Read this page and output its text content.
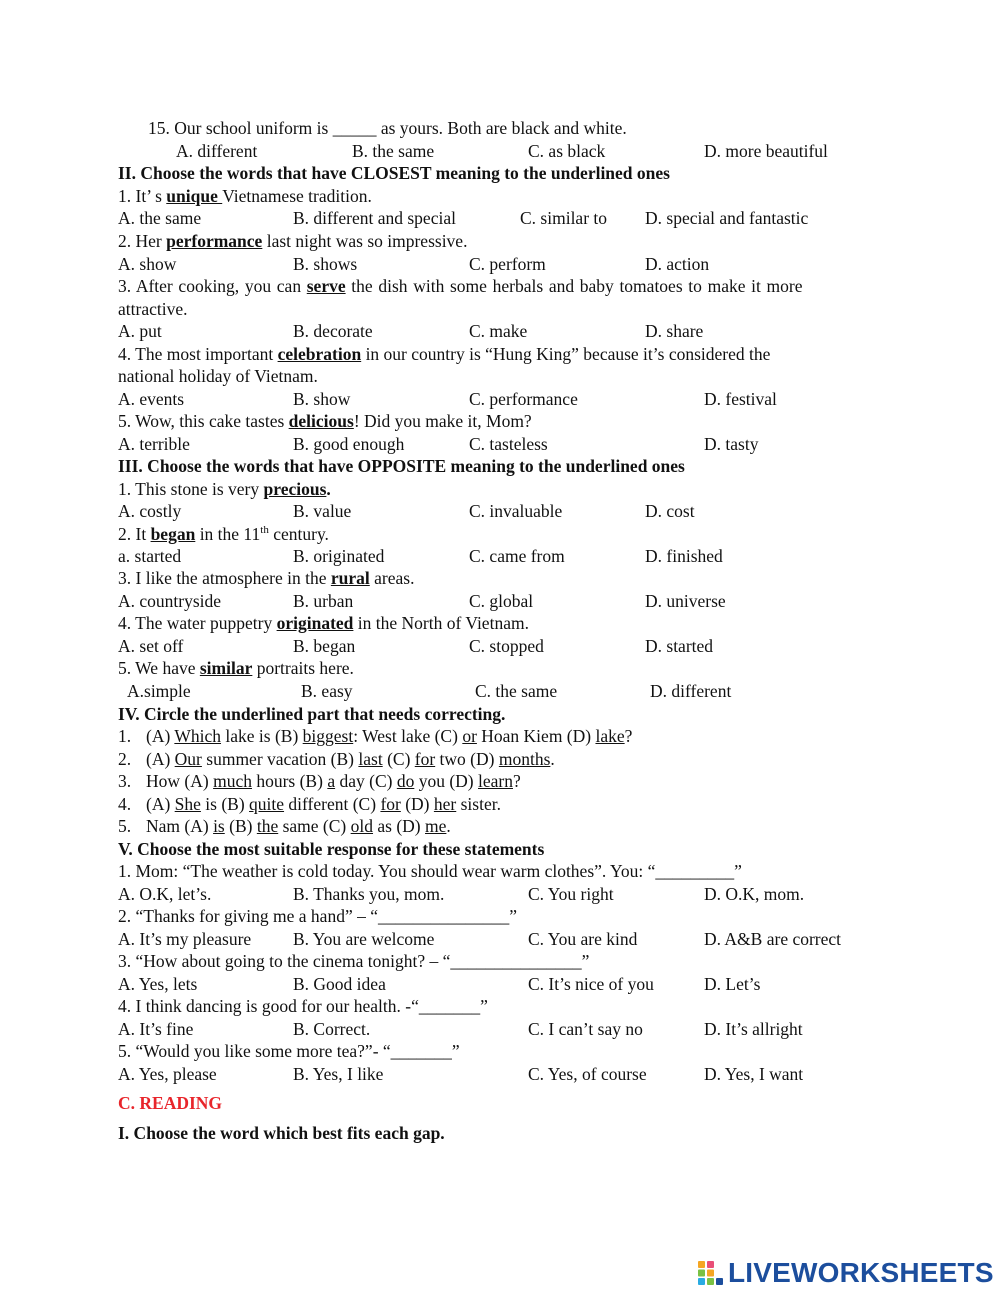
15. Our school uniform is _____ as yours. Both are black and white.
A. different	B. the same	C. as black	D. more beautiful
II. Choose the words that have CLOSEST meaning to the underlined ones
1. It’ s unique Vietnamese tradition.
A. the same	B. different and special	C. similar to D. special and fantastic
2. Her performance last night was so impressive.
A. show	B. shows	C. perform	D. action
3. After cooking, you can serve the dish with some herbals and baby tomatoes to make it more
attractive.
A. put	B. decorate	C. make	D. share
4. The most important celebration in our country is “Hung King” because it’s considered the
national holiday of Vietnam.
A. events	B. show	C. performance	D. festival
5. Wow, this cake tastes delicious! Did you make it, Mom?
A. terrible	B. good enough	C. tasteless	D. tasty
III. Choose the words that have OPPOSITE meaning to the underlined ones
1. This stone is very precious.
A. costly	B. value	C. invaluable	D. cost
2. It began in the 11th century.
a. started	B. originated	C. came from	D. finished
3. I like the atmosphere in the rural areas.
A. countryside	B. urban	C. global	D. universe
4. The water puppetry originated in the North of Vietnam.
A. set off	B. began	C. stopped	D. started
5. We have similar portraits here.
A.simple	B. easy	C. the same	D. different
IV. Circle the underlined part that needs correcting.
1. (A) Which lake is (B) biggest: West lake (C) or Hoan Kiem (D) lake?
2. (A) Our summer vacation (B) last (C) for two (D) months.
3. How (A) much hours (B) a day (C) do you (D) learn?
4. (A) She is (B) quite different (C) for (D) her sister.
5. Nam (A) is (B) the same (C) old as (D) me.
V. Choose the most suitable response for these statements
1. Mom: “The weather is cold today. You should wear warm clothes”. You: “_________”
A. O.K, let’s.	B. Thanks you, mom.	C. You right	D. O.K, mom.
2. “Thanks for giving me a hand” – “_______________”
A. It’s my pleasure B. You are welcome	C. You are kind	D. A&B are correct
3. “How about going to the cinema tonight? – “_______________”
A. Yes, lets	B. Good idea	C. It’s nice of you	D. Let’s
4. I think dancing is good for our health. -“_______”
A. It’s fine	B. Correct.	C. I can’t say no	D. It’s allright
5. “Would you like some more tea?”- “_______”
A. Yes, please	B. Yes, I like	C. Yes, of course	D. Yes, I want
C. READING
I. Choose the word which best fits each gap.
LIVEWORKSHEETS
